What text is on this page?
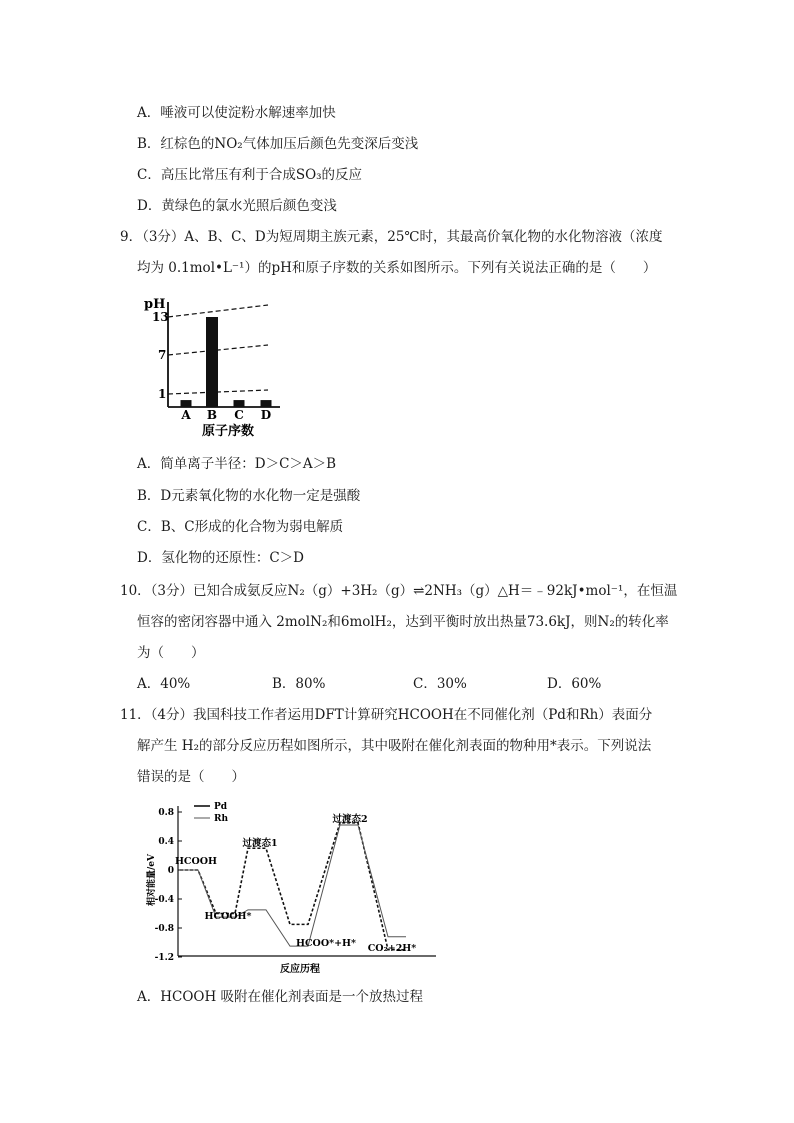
A．唾液可以使淀粉水解速率加快
B．红棕色的NO₂气体加压后颜色先变深后变浅
C．高压比常压有利于合成SO₃的反应
D．黄绿色的氯水光照后颜色变浅
9．（3分）A、B、C、D为短周期主族元素，25℃时，其最高价氧化物的水化物溶液（浓度
均为 0.1mol•L⁻¹）的pH和原子序数的关系如图所示。下列有关说法正确的是（　　）
pH
13
7
1
A B C D
原子序数
A．简单离子半径：D＞C＞A＞B
B．D元素氧化物的水化物一定是强酸
C．B、C形成的化合物为弱电解质
D．氢化物的还原性：C＞D
10．（3分）已知合成氨反应N₂（g）+3H₂（g）⇌2NH₃（g）△H＝﹣92kJ•mol⁻¹，在恒温
恒容的密闭容器中通入 2molN₂和6molH₂，达到平衡时放出热量73.6kJ，则N₂的转化率
为（　　）
A．40%	B．80%	C．30%	D．60%
11．（4分）我国科技工作者运用DFT计算研究HCOOH在不同催化剂（Pd和Rh）表面分
解产生 H₂的部分反应历程如图所示，其中吸附在催化剂表面的物种用*表示。下列说法
错误的是（　　）
0.8
0.4
0
-0.4
-0.8
-1.2
HCOOH
HCOOH*
过渡态1
HCOO*+H*
过渡态2
CO₂+2H*
Pd
Rh
相对能量/eV
反应历程
A．HCOOH 吸附在催化剂表面是一个放热过程
